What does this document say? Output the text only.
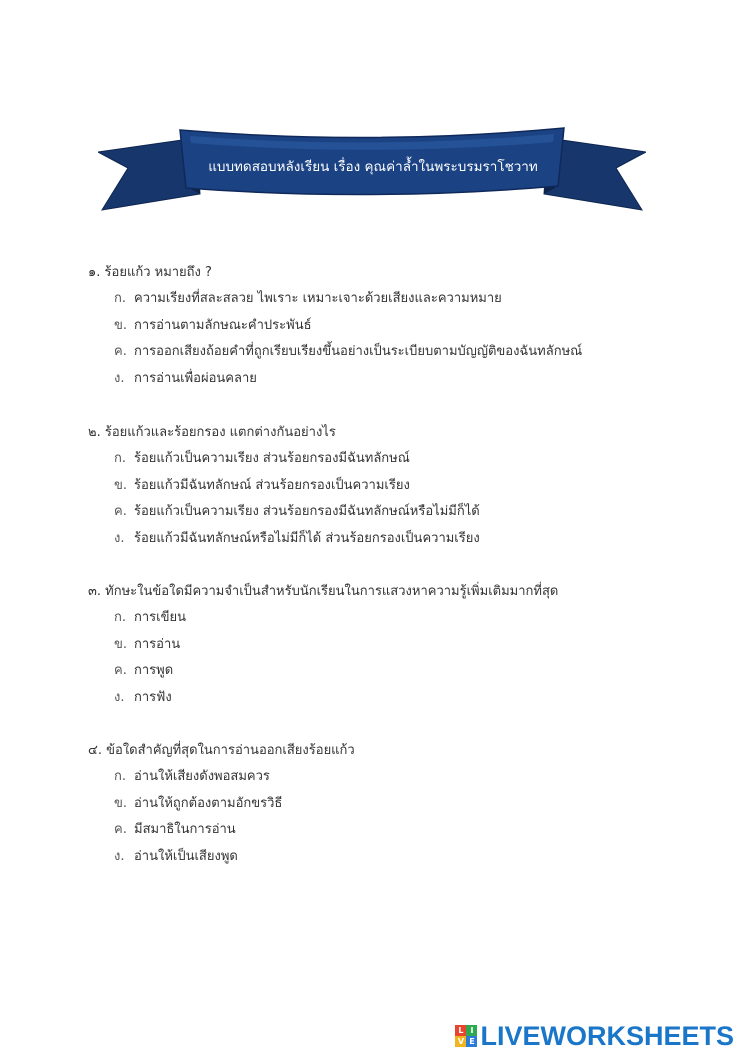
แบบทดสอบหลังเรียน เรื่อง คุณค่าล้ำในพระบรมราโชวาท
๑. ร้อยแก้ว หมายถึง ?
ก. ความเรียงที่สละสลวย ไพเราะ เหมาะเจาะด้วยเสียงและความหมาย
ข. การอ่านตามลักษณะคำประพันธ์
ค. การออกเสียงถ้อยคำที่ถูกเรียบเรียงขึ้นอย่างเป็นระเบียบตามบัญญัติของฉันทลักษณ์
ง. การอ่านเพื่อผ่อนคลาย
๒. ร้อยแก้วและร้อยกรอง แตกต่างกันอย่างไร
ก. ร้อยแก้วเป็นความเรียง ส่วนร้อยกรองมีฉันทลักษณ์
ข. ร้อยแก้วมีฉันทลักษณ์ ส่วนร้อยกรองเป็นความเรียง
ค. ร้อยแก้วเป็นความเรียง ส่วนร้อยกรองมีฉันทลักษณ์หรือไม่มีก็ได้
ง. ร้อยแก้วมีฉันทลักษณ์หรือไม่มีก็ได้ ส่วนร้อยกรองเป็นความเรียง
๓. ทักษะในข้อใดมีความจำเป็นสำหรับนักเรียนในการแสวงหาความรู้เพิ่มเติมมากที่สุด
ก. การเขียน
ข. การอ่าน
ค. การพูด
ง. การฟัง
๔. ข้อใดสำคัญที่สุดในการอ่านออกเสียงร้อยแก้ว
ก. อ่านให้เสียงดังพอสมควร
ข. อ่านให้ถูกต้องตามอักขรวิธี
ค. มีสมาธิในการอ่าน
ง. อ่านให้เป็นเสียงพูด
L I
V E LIVEWORKSHEETS
